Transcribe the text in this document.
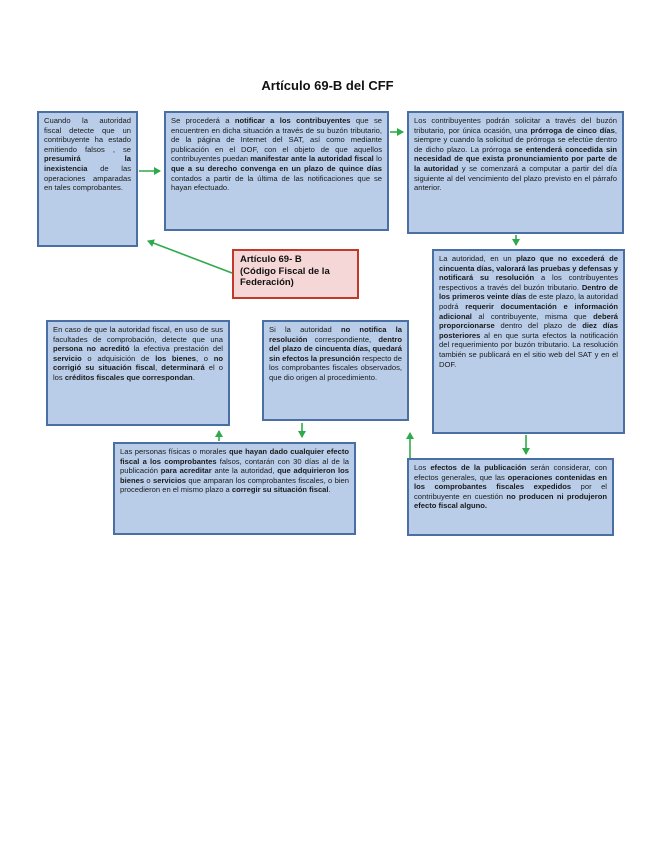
Artículo 69-B del CFF

Cuando la autoridad fiscal detecte que un contribuyente ha estado emitiendo falsos , se presumirá la inexistencia de las operaciones amparadas en tales comprobantes.

Se procederá a notificar a los contribuyentes que se encuentren en dicha situación a través de su buzón tributario, de la página de Internet del SAT, así como mediante publicación en el DOF, con el objeto de que aquellos contribuyentes puedan manifestar ante la autoridad fiscal lo que a su derecho convenga en un plazo de quince días contados a partir de la última de las notificaciones que se hayan efectuado.

Los contribuyentes podrán solicitar a través del buzón tributario, por única ocasión, una prórroga de cinco días, siempre y cuando la solicitud de prórroga se efectúe dentro de dicho plazo. La prórroga se entenderá concedida sin necesidad de que exista pronunciamiento por parte de la autoridad y se comenzará a computar a partir del día siguiente al del vencimiento del plazo previsto en el párrafo anterior.

Artículo 69- B
(Código Fiscal de la Federación)

La autoridad, en un plazo que no excederá de cincuenta días, valorará las pruebas y defensas y notificará su resolución a los contribuyentes respectivos a través del buzón tributario. Dentro de los primeros veinte días de este plazo, la autoridad podrá requerir documentación e información adicional al contribuyente, misma que deberá proporcionarse dentro del plazo de diez días posteriores al en que surta efectos la notificación del requerimiento por buzón tributario. La resolución también se publicará en el sitio web del SAT y en el DOF.

En caso de que la autoridad fiscal, en uso de sus facultades de comprobación, detecte que una persona no acreditó la efectiva prestación del servicio o adquisición de los bienes, o no corrigió su situación fiscal, determinará el o los créditos fiscales que correspondan.

Si la autoridad no notifica la resolución correspondiente, dentro del plazo de cincuenta días, quedará sin efectos la presunción respecto de los comprobantes fiscales observados, que dio origen al procedimiento.

Las personas físicas o morales que hayan dado cualquier efecto fiscal a los comprobantes falsos, contarán con 30 días al de la publicación para acreditar ante la autoridad, que adquirieron los bienes o servicios que amparan los comprobantes fiscales, o bien procedieron en el mismo plazo a corregir su situación fiscal.

Los efectos de la publicación serán considerar, con efectos generales, que las operaciones contenidas en los comprobantes fiscales expedidos por el contribuyente en cuestión no producen ni produjeron efecto fiscal alguno.
